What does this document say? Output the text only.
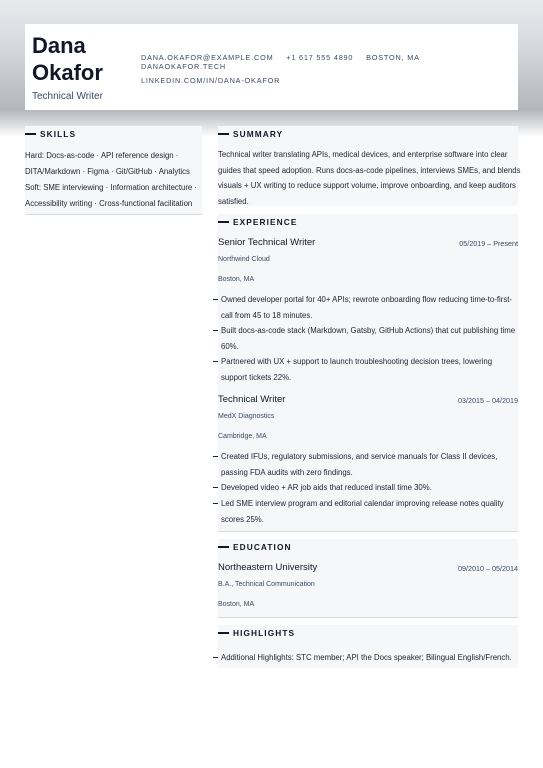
Dana
Okafor
Technical Writer
DANA.OKAFOR@EXAMPLE.COM +1 617 555 4890 BOSTON, MA DANAOKAFOR.TECH
LINKEDIN.COM/IN/DANA-OKAFOR
SKILLS
Hard: Docs-as-code · API reference design ·
DITA/Markdown · Figma · Git/GitHub · Analytics
Soft: SME interviewing · Information architecture ·
Accessibility writing · Cross-functional facilitation
SUMMARY
Technical writer translating APIs, medical devices, and enterprise software into clear
guides that speed adoption. Runs docs-as-code pipelines, interviews SMEs, and blends
visuals + UX writing to reduce support volume, improve onboarding, and keep auditors
satisfied.
EXPERIENCE
Senior Technical Writer	05/2019 – Present
Northwind Cloud
Boston, MA
Owned developer portal for 40+ APIs; rewrote onboarding flow reducing time-to-first-
call from 45 to 18 minutes.
Built docs-as-code stack (Markdown, Gatsby, GitHub Actions) that cut publishing time
60%.
Partnered with UX + support to launch troubleshooting decision trees, lowering
support tickets 22%.
Technical Writer	03/2015 – 04/2019
MedX Diagnostics
Cambridge, MA
Created IFUs, regulatory submissions, and service manuals for Class II devices,
passing FDA audits with zero findings.
Developed video + AR job aids that reduced install time 30%.
Led SME interview program and editorial calendar improving release notes quality
scores 25%.
EDUCATION
Northeastern University	09/2010 – 05/2014
B.A., Technical Communication
Boston, MA
HIGHLIGHTS
Additional Highlights: STC member; API the Docs speaker; Bilingual English/French.
